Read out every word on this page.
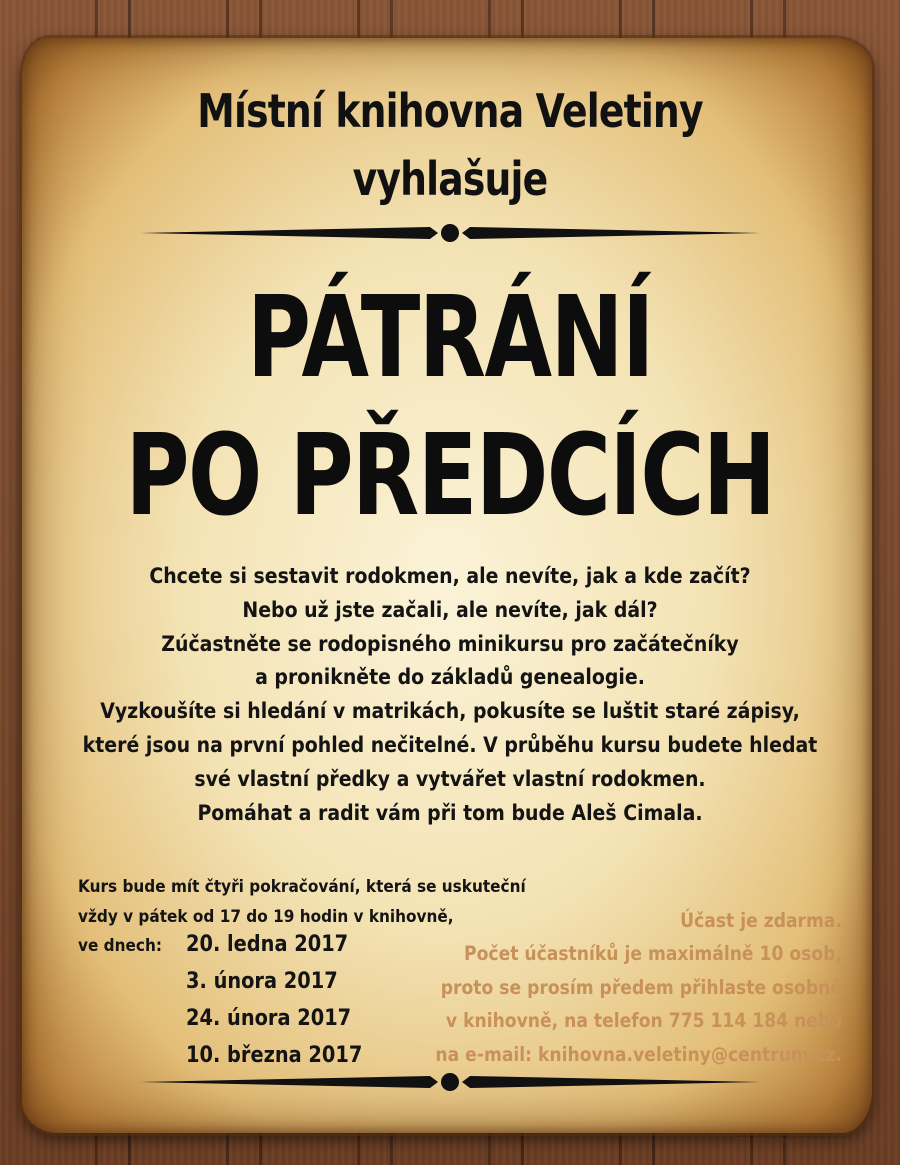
Místní knihovna Veletiny
vyhlašuje
PÁTRÁNÍ
PO PŘEDCÍCH
Chcete si sestavit rodokmen, ale nevíte, jak a kde začít?
Nebo už jste začali, ale nevíte, jak dál?
Zúčastněte se rodopisného minikursu pro začátečníky
a pronikněte do základů genealogie.
Vyzkoušíte si hledání v matrikách, pokusíte se luštit staré zápisy,
které jsou na první pohled nečitelné. V průběhu kursu budete hledat
své vlastní předky a vytvářet vlastní rodokmen.
Pomáhat a radit vám při tom bude Aleš Cimala.
Kurs bude mít čtyři pokračování, která se uskuteční
vždy v pátek od 17 do 19 hodin v knihovně,
ve dnech: 20. ledna 2017
3. února 2017
24. února 2017
10. března 2017
Účast je zdarma.
Počet účastníků je maximálně 10 osob,
proto se prosím předem přihlaste osobně
v knihovně, na telefon 775 114 184 nebo
na e-mail: knihovna.veletiny@centrum.cz.
TCR 7775 © Teacher Created Resources
